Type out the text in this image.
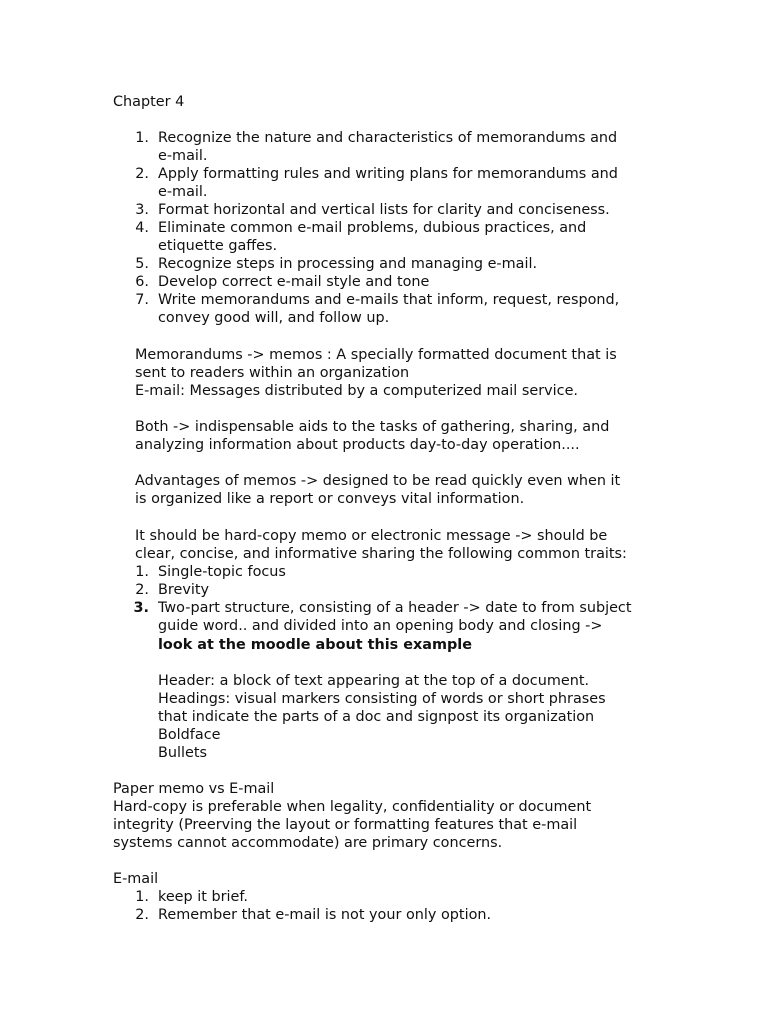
Chapter 4
1. Recognize the nature and characteristics of memorandums and
e-mail.
2. Apply formatting rules and writing plans for memorandums and
e-mail.
3. Format horizontal and vertical lists for clarity and conciseness.
4. Eliminate common e-mail problems, dubious practices, and
etiquette gaffes.
5. Recognize steps in processing and managing e-mail.
6. Develop correct e-mail style and tone
7. Write memorandums and e-mails that inform, request, respond,
convey good will, and follow up.
Memorandums -> memos : A specially formatted document that is
sent to readers within an organization
E-mail: Messages distributed by a computerized mail service.
Both -> indispensable aids to the tasks of gathering, sharing, and
analyzing information about products day-to-day operation....
Advantages of memos -> designed to be read quickly even when it
is organized like a report or conveys vital information.
It should be hard-copy memo or electronic message -> should be
clear, concise, and informative sharing the following common traits:
1. Single-topic focus
2. Brevity
3. Two-part structure, consisting of a header -> date to from subject
guide word.. and divided into an opening body and closing ->
look at the moodle about this example
Header: a block of text appearing at the top of a document.
Headings: visual markers consisting of words or short phrases
that indicate the parts of a doc and signpost its organization
Boldface
Bullets
Paper memo vs E-mail
Hard-copy is preferable when legality, confidentiality or document
integrity (Preerving the layout or formatting features that e-mail
systems cannot accommodate) are primary concerns.
E-mail
1. keep it brief.
2. Remember that e-mail is not your only option.
